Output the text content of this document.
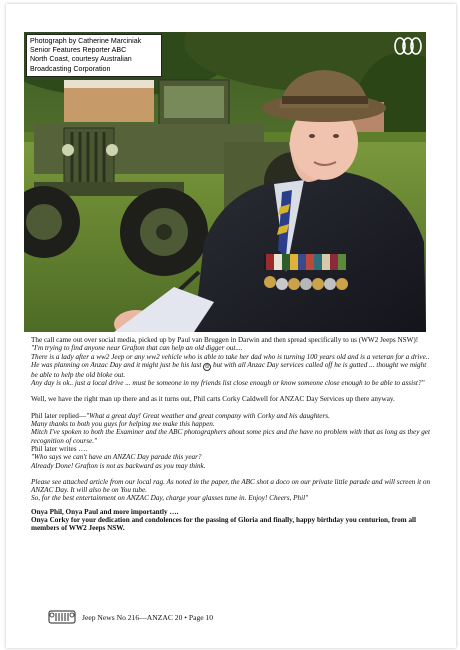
Photograph by Catherine Marciniak
Senior Features Reporter ABC
North Coast, courtesy Australian
Broadcasting Corporation

The call came out over social media, picked up by Paul van Bruggen in Darwin and then spread specifically to us (WW2 Jeeps NSW)!

"I'm trying to find anyone near Grafton that can help an old digger out....

There is a lady after a ww2 Jeep or any ww2 vehicle who is able to take her dad who is turning 100 years old and is a veteran for a drive..

He was planning on Anzac Day and it might just be his last ☹ but with all Anzac Day services called off he is gutted ... thought we might be able to help the old bloke out.

Any day is ok.. just a local drive ... must be someone in my friends list close enough or know someone close enough to be able to assist?"

Well, we have the right man up there and as it turns out, Phil carts Corky Caldwell for ANZAC Day Services up there anyway.

Phil later replied—"What a great day! Great weather and great company with Corky and his daughters.

Many thanks to both you guys for helping me make this happen.

Mitch I've spoken to both the Examiner and the ABC photographers about some pics and the have no problem with that as long as they get recognition of course."

Phil later writes ….

"Who says we can't have an ANZAC Day parade this year?

Already Done! Grafton is not as backward as you may think.

Please see attached article from our local rag. As noted in the paper, the ABC shot a doco on our private little parade and will screen it on ANZAC Day. It will also be on You tube.

So, for the best entertainment on ANZAC Day, charge your glasses tune in. Enjoy! Cheers, Phil"

Onya Phil, Onya Paul and more importantly ….

Onya Corky for your dedication and condolences for the passing of Gloria and finally, happy birthday you centurion, from all members of WW2 Jeeps NSW.

Jeep News No 216—ANZAC 20 • Page 10
